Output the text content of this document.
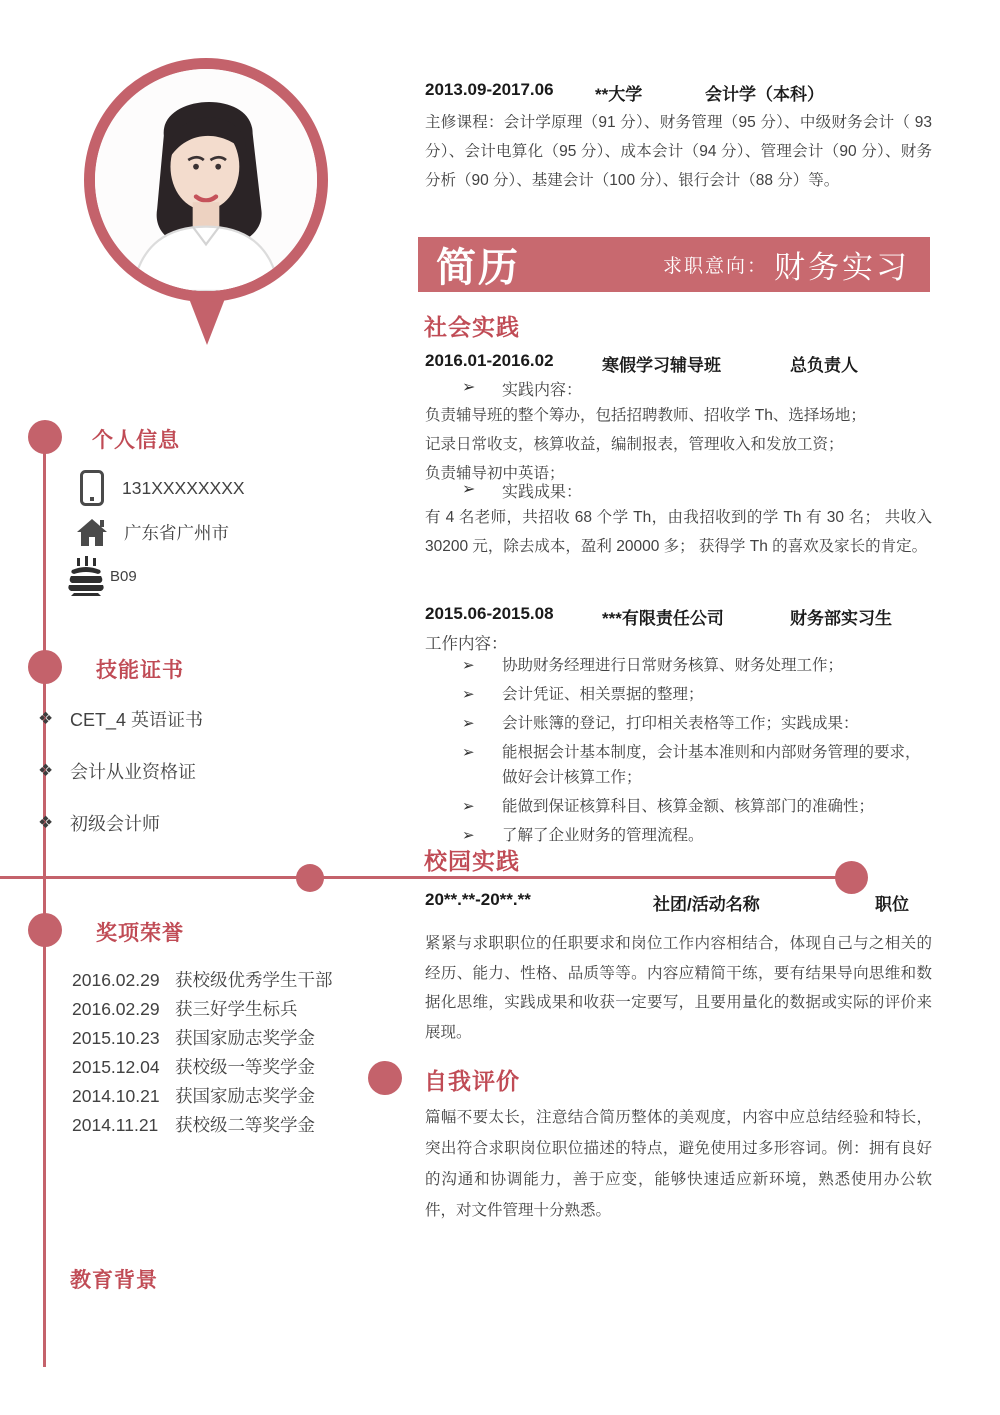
2013.09-2017.06	**大学	会计学（本科）
主修课程：会计学原理（91 分）、财务管理（95 分）、中级财务会计（ 93 分）、会计电算化（95 分）、成本会计（94 分）、管理会计（90 分）、财务分析（90 分）、基建会计（100 分）、银行会计（88 分）等。
简历	求职意向： 财务实习
社会实践
2016.01-2016.02	寒假学习辅导班	总负责人
➢	实践内容：
负责辅导班的整个筹办，包括招聘教师、招收学 Th、选择场地；
记录日常收支，核算收益，编制报表，管理收入和发放工资；
负责辅导初中英语；
➢	实践成果：
有 4 名老师，共招收 68 个学 Th，由我招收到的学 Th 有 30 名； 共收入 30200 元，除去成本，盈利 20000 多； 获得学 Th 的喜欢及家长的肯定。
2015.06-2015.08	***有限责任公司	财务部实习生
工作内容：
➢	协助财务经理进行日常财务核算、财务处理工作；
➢	会计凭证、相关票据的整理；
➢	会计账簿的登记，打印相关表格等工作；实践成果：
➢	能根据会计基本制度，会计基本准则和内部财务管理的要求，做好会计核算工作；
➢	能做到保证核算科目、核算金额、核算部门的准确性；
➢	了解了企业财务的管理流程。
校园实践
20**.**-20**.**	社团/活动名称	职位
紧紧与求职职位的任职要求和岗位工作内容相结合，体现自己与之相关的经历、能力、性格、品质等等。内容应精简干练，要有结果导向思维和数据化思维，实践成果和收获一定要写，且要用量化的数据或实际的评价来展现。
自我评价
篇幅不要太长，注意结合简历整体的美观度，内容中应总结经验和特长，突出符合求职岗位职位描述的特点，避免使用过多形容词。例：拥有良好的沟通和协调能力，善于应变，能够快速适应新环境，熟悉使用办公软件，对文件管理十分熟悉。
个人信息
131XXXXXXXX
广东省广州市
B09
技能证书
❖ CET_4 英语证书
❖ 会计从业资格证
❖ 初级会计师
奖项荣誉
2016.02.29 获校级优秀学生干部
2016.02.29 获三好学生标兵
2015.10.23 获国家励志奖学金
2015.12.04 获校级一等奖学金
2014.10.21 获国家励志奖学金
2014.11.21 获校级二等奖学金
教育背景
